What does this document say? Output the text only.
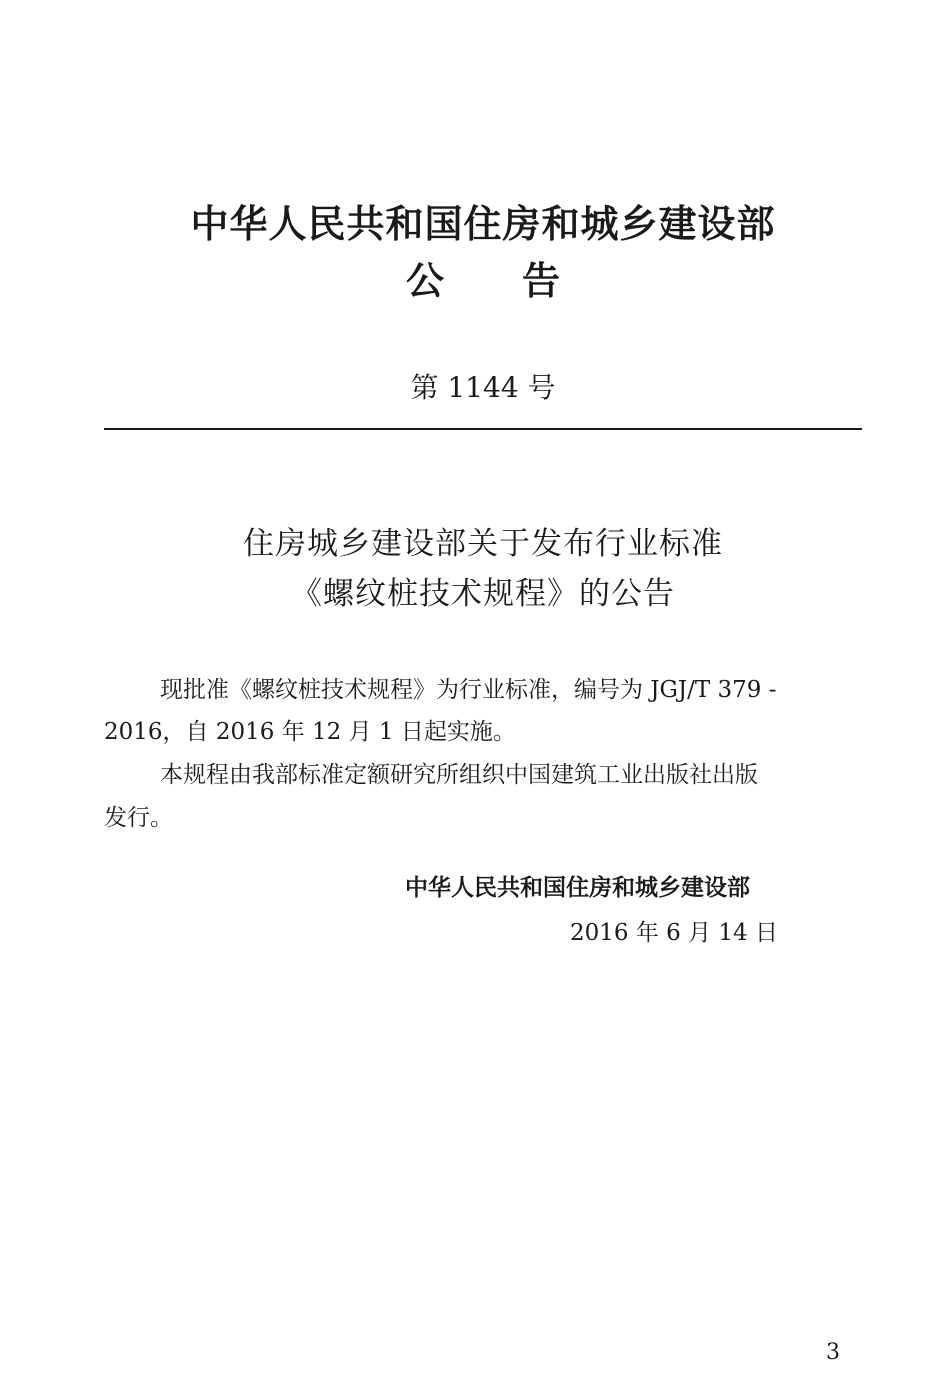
中华人民共和国住房和城乡建设部
公 告
第 1144 号
住房城乡建设部关于发布行业标准
《螺纹桩技术规程》的公告
现批准《螺纹桩技术规程》为行业标准，编号为 JGJ/T 379 -
2016，自 2016 年 12 月 1 日起实施。
本规程由我部标准定额研究所组织中国建筑工业出版社出版
发行。
中华人民共和国住房和城乡建设部
2016 年 6 月 14 日
3
